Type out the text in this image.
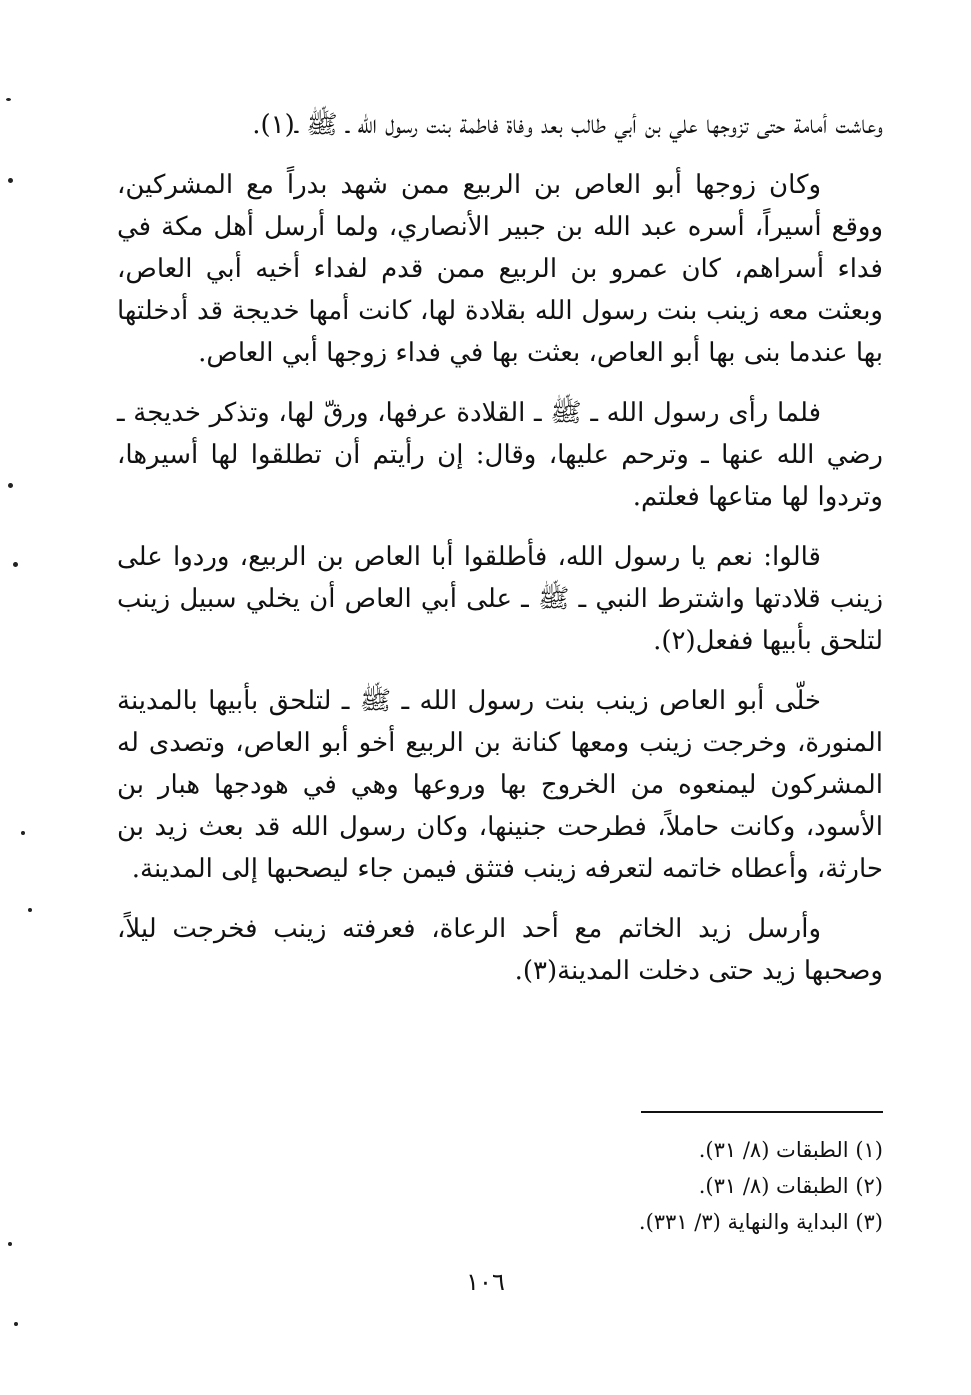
وعاشت أمامة حتى تزوجها علي بن أبي طالب بعد وفاة فاطمة بنت رسول الله ـ ﷺ ـ(١).

وكان زوجها أبو العاص بن الربيع ممن شهد بدراً مع المشركين، ووقع أسيراً، أسره عبد الله بن جبير الأنصاري، ولما أرسل أهل مكة في فداء أسراهم، كان عمرو بن الربيع ممن قدم لفداء أخيه أبي العاص، وبعثت معه زينب بنت رسول الله بقلادة لها، كانت أمها خديجة قد أدخلتها بها عندما بنى بها أبو العاص، بعثت بها في فداء زوجها أبي العاص.

فلما رأى رسول الله ـ ﷺ ـ القلادة عرفها، ورقّ لها، وتذكر خديجة ـ رضي الله عنها ـ وترحم عليها، وقال: إن رأيتم أن تطلقوا لها أسيرها، وتردوا لها متاعها فعلتم.

قالوا: نعم يا رسول الله، فأطلقوا أبا العاص بن الربيع، وردوا على زينب قلادتها واشترط النبي ـ ﷺ ـ على أبي العاص أن يخلي سبيل زينب لتلحق بأبيها ففعل(٢).

خلّى أبو العاص زينب بنت رسول الله ـ ﷺ ـ لتلحق بأبيها بالمدينة المنورة، وخرجت زينب ومعها كنانة بن الربيع أخو أبو العاص، وتصدى له المشركون ليمنعوه من الخروج بها وروعها وهي في هودجها هبار بن الأسود، وكانت حاملاً، فطرحت جنينها، وكان رسول الله قد بعث زيد بن حارثة، وأعطاه خاتمه لتعرفه زينب فتثق فيمن جاء ليصحبها إلى المدينة.

وأرسل زيد الخاتم مع أحد الرعاة، فعرفته زينب فخرجت ليلاً، وصحبها زيد حتى دخلت المدينة(٣).

(١) الطبقات (٨/ ٣١).

(٢) الطبقات (٨/ ٣١).

(٣) البداية والنهاية (٣/ ٣٣١).

١٠٦
